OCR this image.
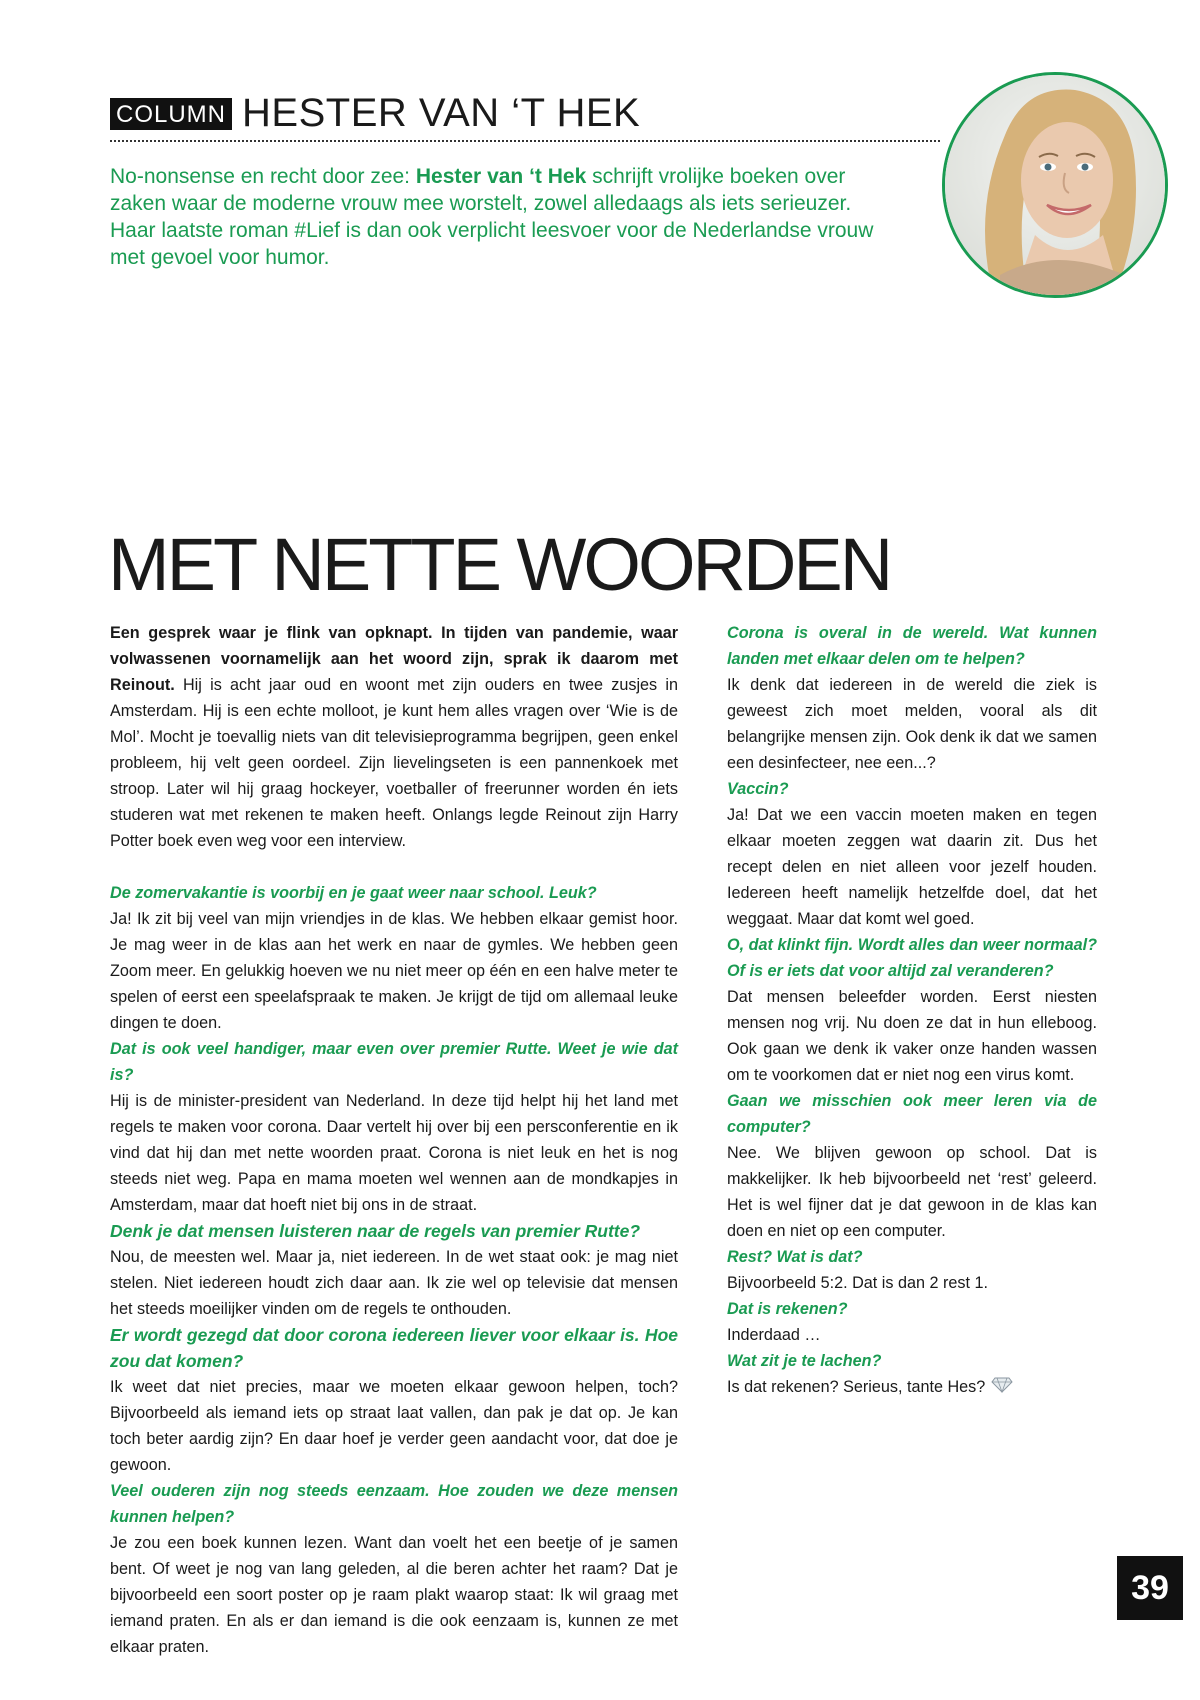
COLUMN HESTER VAN ‘T HEK
No-nonsense en recht door zee: Hester van ‘t Hek schrijft vrolijke boeken over zaken waar de moderne vrouw mee worstelt, zowel alledaags als iets serieuzer. Haar laatste roman #Lief is dan ook verplicht leesvoer voor de Nederlandse vrouw met gevoel voor humor.
MET NETTE WOORDEN

Een gesprek waar je flink van opknapt. In tijden van pandemie, waar volwassenen voornamelijk aan het woord zijn, sprak ik daarom met Reinout. Hij is acht jaar oud en woont met zijn ouders en twee zusjes in Amsterdam. Hij is een echte molloot, je kunt hem alles vragen over ‘Wie is de Mol’. Mocht je toevallig niets van dit televisieprogramma begrijpen, geen enkel probleem, hij velt geen oordeel. Zijn lievelingseten is een pannenkoek met stroop. Later wil hij graag hockeyer, voetballer of freerunner worden én iets studeren wat met rekenen te maken heeft. Onlangs legde Reinout zijn Harry Potter boek even weg voor een interview.

De zomervakantie is voorbij en je gaat weer naar school. Leuk?

Ja! Ik zit bij veel van mijn vriendjes in de klas. We hebben elkaar gemist hoor. Je mag weer in de klas aan het werk en naar de gymles. We hebben geen Zoom meer. En gelukkig hoeven we nu niet meer op één en een halve meter te spelen of eerst een speelafspraak te maken. Je krijgt de tijd om allemaal leuke dingen te doen.

Dat is ook veel handiger, maar even over premier Rutte. Weet je wie dat is?

Hij is de minister-president van Nederland. In deze tijd helpt hij het land met regels te maken voor corona. Daar vertelt hij over bij een persconferentie en ik vind dat hij dan met nette woorden praat. Corona is niet leuk en het is nog steeds niet weg. Papa en mama moeten wel wennen aan de mondkapjes in Amsterdam, maar dat hoeft niet bij ons in de straat.

Denk je dat mensen luisteren naar de regels van premier Rutte?

Nou, de meesten wel. Maar ja, niet iedereen. In de wet staat ook: je mag niet stelen. Niet iedereen houdt zich daar aan. Ik zie wel op televisie dat mensen het steeds moeilijker vinden om de regels te onthouden.

Er wordt gezegd dat door corona iedereen liever voor elkaar is. Hoe zou dat komen?

Ik weet dat niet precies, maar we moeten elkaar gewoon helpen, toch? Bijvoorbeeld als iemand iets op straat laat vallen, dan pak je dat op. Je kan toch beter aardig zijn? En daar hoef je verder geen aandacht voor, dat doe je gewoon.

Veel ouderen zijn nog steeds eenzaam. Hoe zouden we deze mensen kunnen helpen?

Je zou een boek kunnen lezen. Want dan voelt het een beetje of je samen bent. Of weet je nog van lang geleden, al die beren achter het raam? Dat je bijvoorbeeld een soort poster op je raam plakt waarop staat: Ik wil graag met iemand praten. En als er dan iemand is die ook eenzaam is, kunnen ze met elkaar praten.

Corona is overal in de wereld. Wat kunnen landen met elkaar delen om te helpen?

Ik denk dat iedereen in de wereld die ziek is geweest zich moet melden, vooral als dit belangrijke mensen zijn. Ook denk ik dat we samen een desinfecteer, nee een...?

Vaccin?

Ja! Dat we een vaccin moeten maken en tegen elkaar moeten zeggen wat daarin zit. Dus het recept delen en niet alleen voor jezelf houden. Iedereen heeft namelijk hetzelfde doel, dat het weggaat. Maar dat komt wel goed.

O, dat klinkt fijn. Wordt alles dan weer normaal? Of is er iets dat voor altijd zal veranderen?

Dat mensen beleefder worden. Eerst niesten mensen nog vrij. Nu doen ze dat in hun elleboog. Ook gaan we denk ik vaker onze handen wassen om te voorkomen dat er niet nog een virus komt.

Gaan we misschien ook meer leren via de computer?

Nee. We blijven gewoon op school. Dat is makkelijker. Ik heb bijvoorbeeld net ‘rest’ geleerd. Het is wel fijner dat je dat gewoon in de klas kan doen en niet op een computer.

Rest? Wat is dat?

Bijvoorbeeld 5:2. Dat is dan 2 rest 1.

Dat is rekenen?

Inderdaad …

Wat zit je te lachen?

Is dat rekenen? Serieus, tante Hes?

39
